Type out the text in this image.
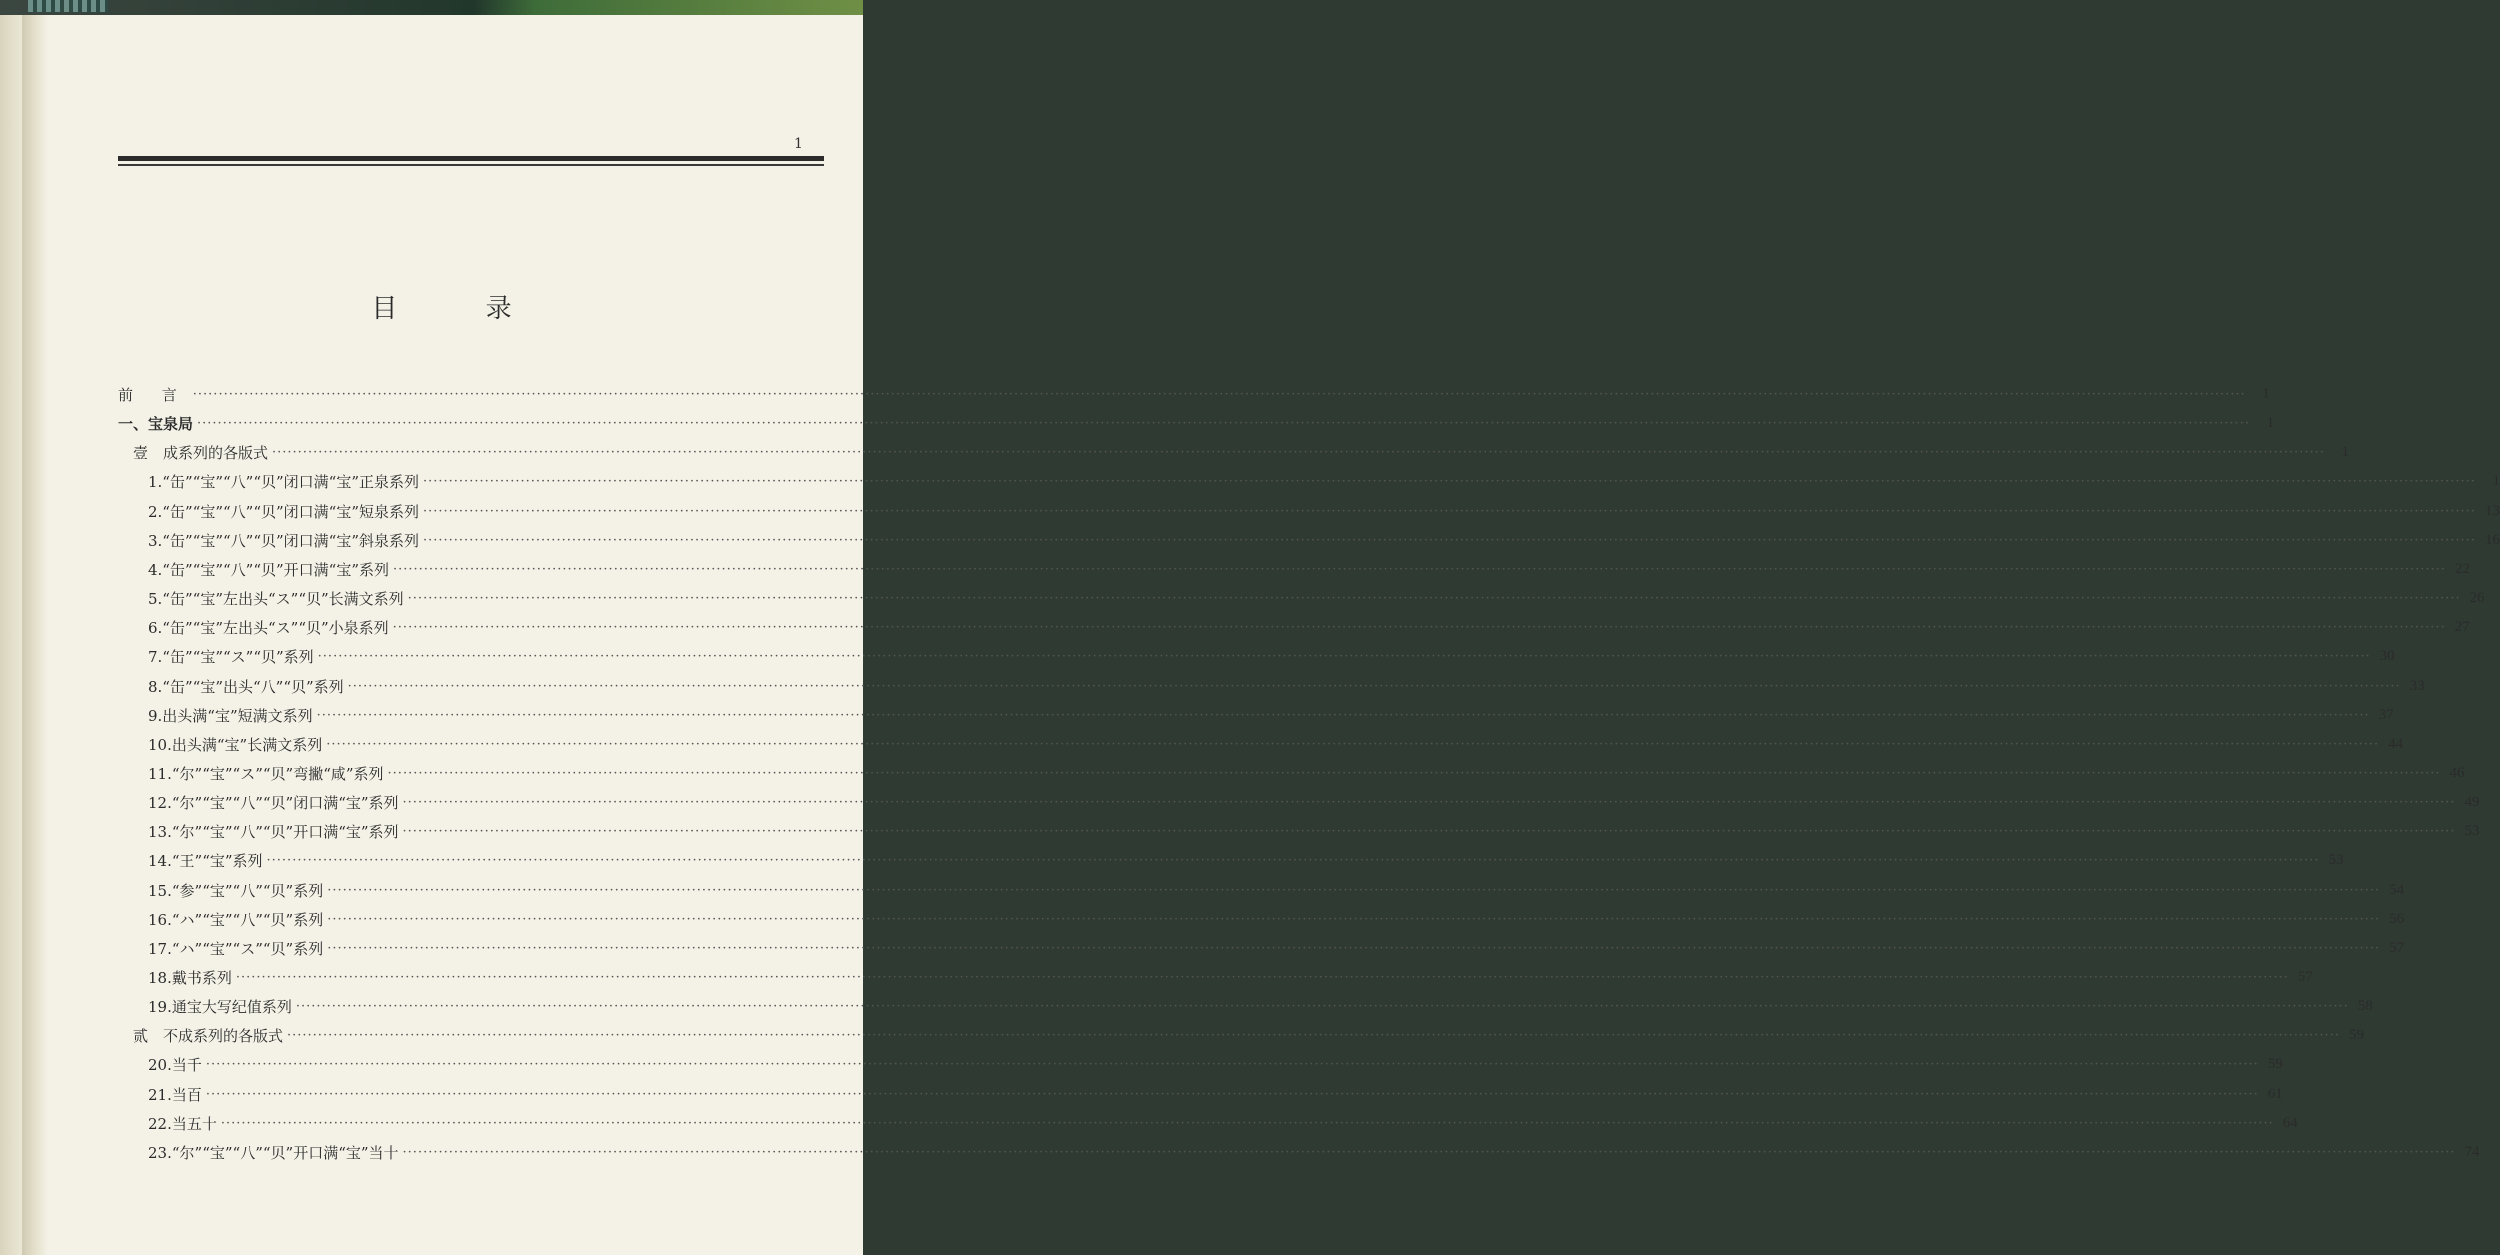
1
目 录
前 言 ················································································································································································································································································································································································································	1
一、宝泉局 ················································································································································································································································································································································································································	1
壹　成系列的各版式 ················································································································································································································································································································································································································	1
1.“缶”“宝”“八”“贝”闭口满“宝”正泉系列 ················································································································································································································································································································································································································	1
2.“缶”“宝”“八”“贝”闭口满“宝”短泉系列 ················································································································································································································································································································································································································ 13
3.“缶”“宝”“八”“贝”闭口满“宝”斜泉系列 ················································································································································································································································································································································································································ 16
4.“缶”“宝”“八”“贝”开口满“宝”系列 ················································································································································································································································································································································································································ 22
5.“缶”“宝”左出头“ス”“贝”长满文系列 ················································································································································································································································································································································································································ 26
6.“缶”“宝”左出头“ス”“贝”小泉系列 ················································································································································································································································································································································································································ 27
7.“缶”“宝”“ス”“贝”系列 ················································································································································································································································································································································································································ 30
8.“缶”“宝”出头“八”“贝”系列 ················································································································································································································································································································································································································ 33
9.出头满“宝”短满文系列 ················································································································································································································································································································································································································ 37
10.出头满“宝”长满文系列 ················································································································································································································································································································································································································ 44
11.“尔”“宝”“ス”“贝”弯撇“咸”系列 ················································································································································································································································································································································································································ 46
12.“尔”“宝”“八”“贝”闭口满“宝”系列 ················································································································································································································································································································································································································ 49
13.“尔”“宝”“八”“贝”开口满“宝”系列 ················································································································································································································································································································································································································ 53
14.“王”“宝”系列 ················································································································································································································································································································································································································ 53
15.“参”“宝”“八”“贝”系列 ················································································································································································································································································································································································································ 54
16.“ハ”“宝”“八”“贝”系列 ················································································································································································································································································································································································································ 56
17.“ハ”“宝”“ス”“贝”系列 ················································································································································································································································································································································································································ 57
18.戴书系列 ················································································································································································································································································································································································································ 57
19.通宝大写纪值系列 ················································································································································································································································································································································································································ 58
贰　不成系列的各版式 ················································································································································································································································································································································································································ 59
20.当千 ················································································································································································································································································································································································································ 59
21.当百 ················································································································································································································································································································································································································ 61
22.当五十 ················································································································································································································································································································································································································ 64
23.“尔”“宝”“八”“贝”开口满“宝”当十 ················································································································································································································································································································································································································ 74
